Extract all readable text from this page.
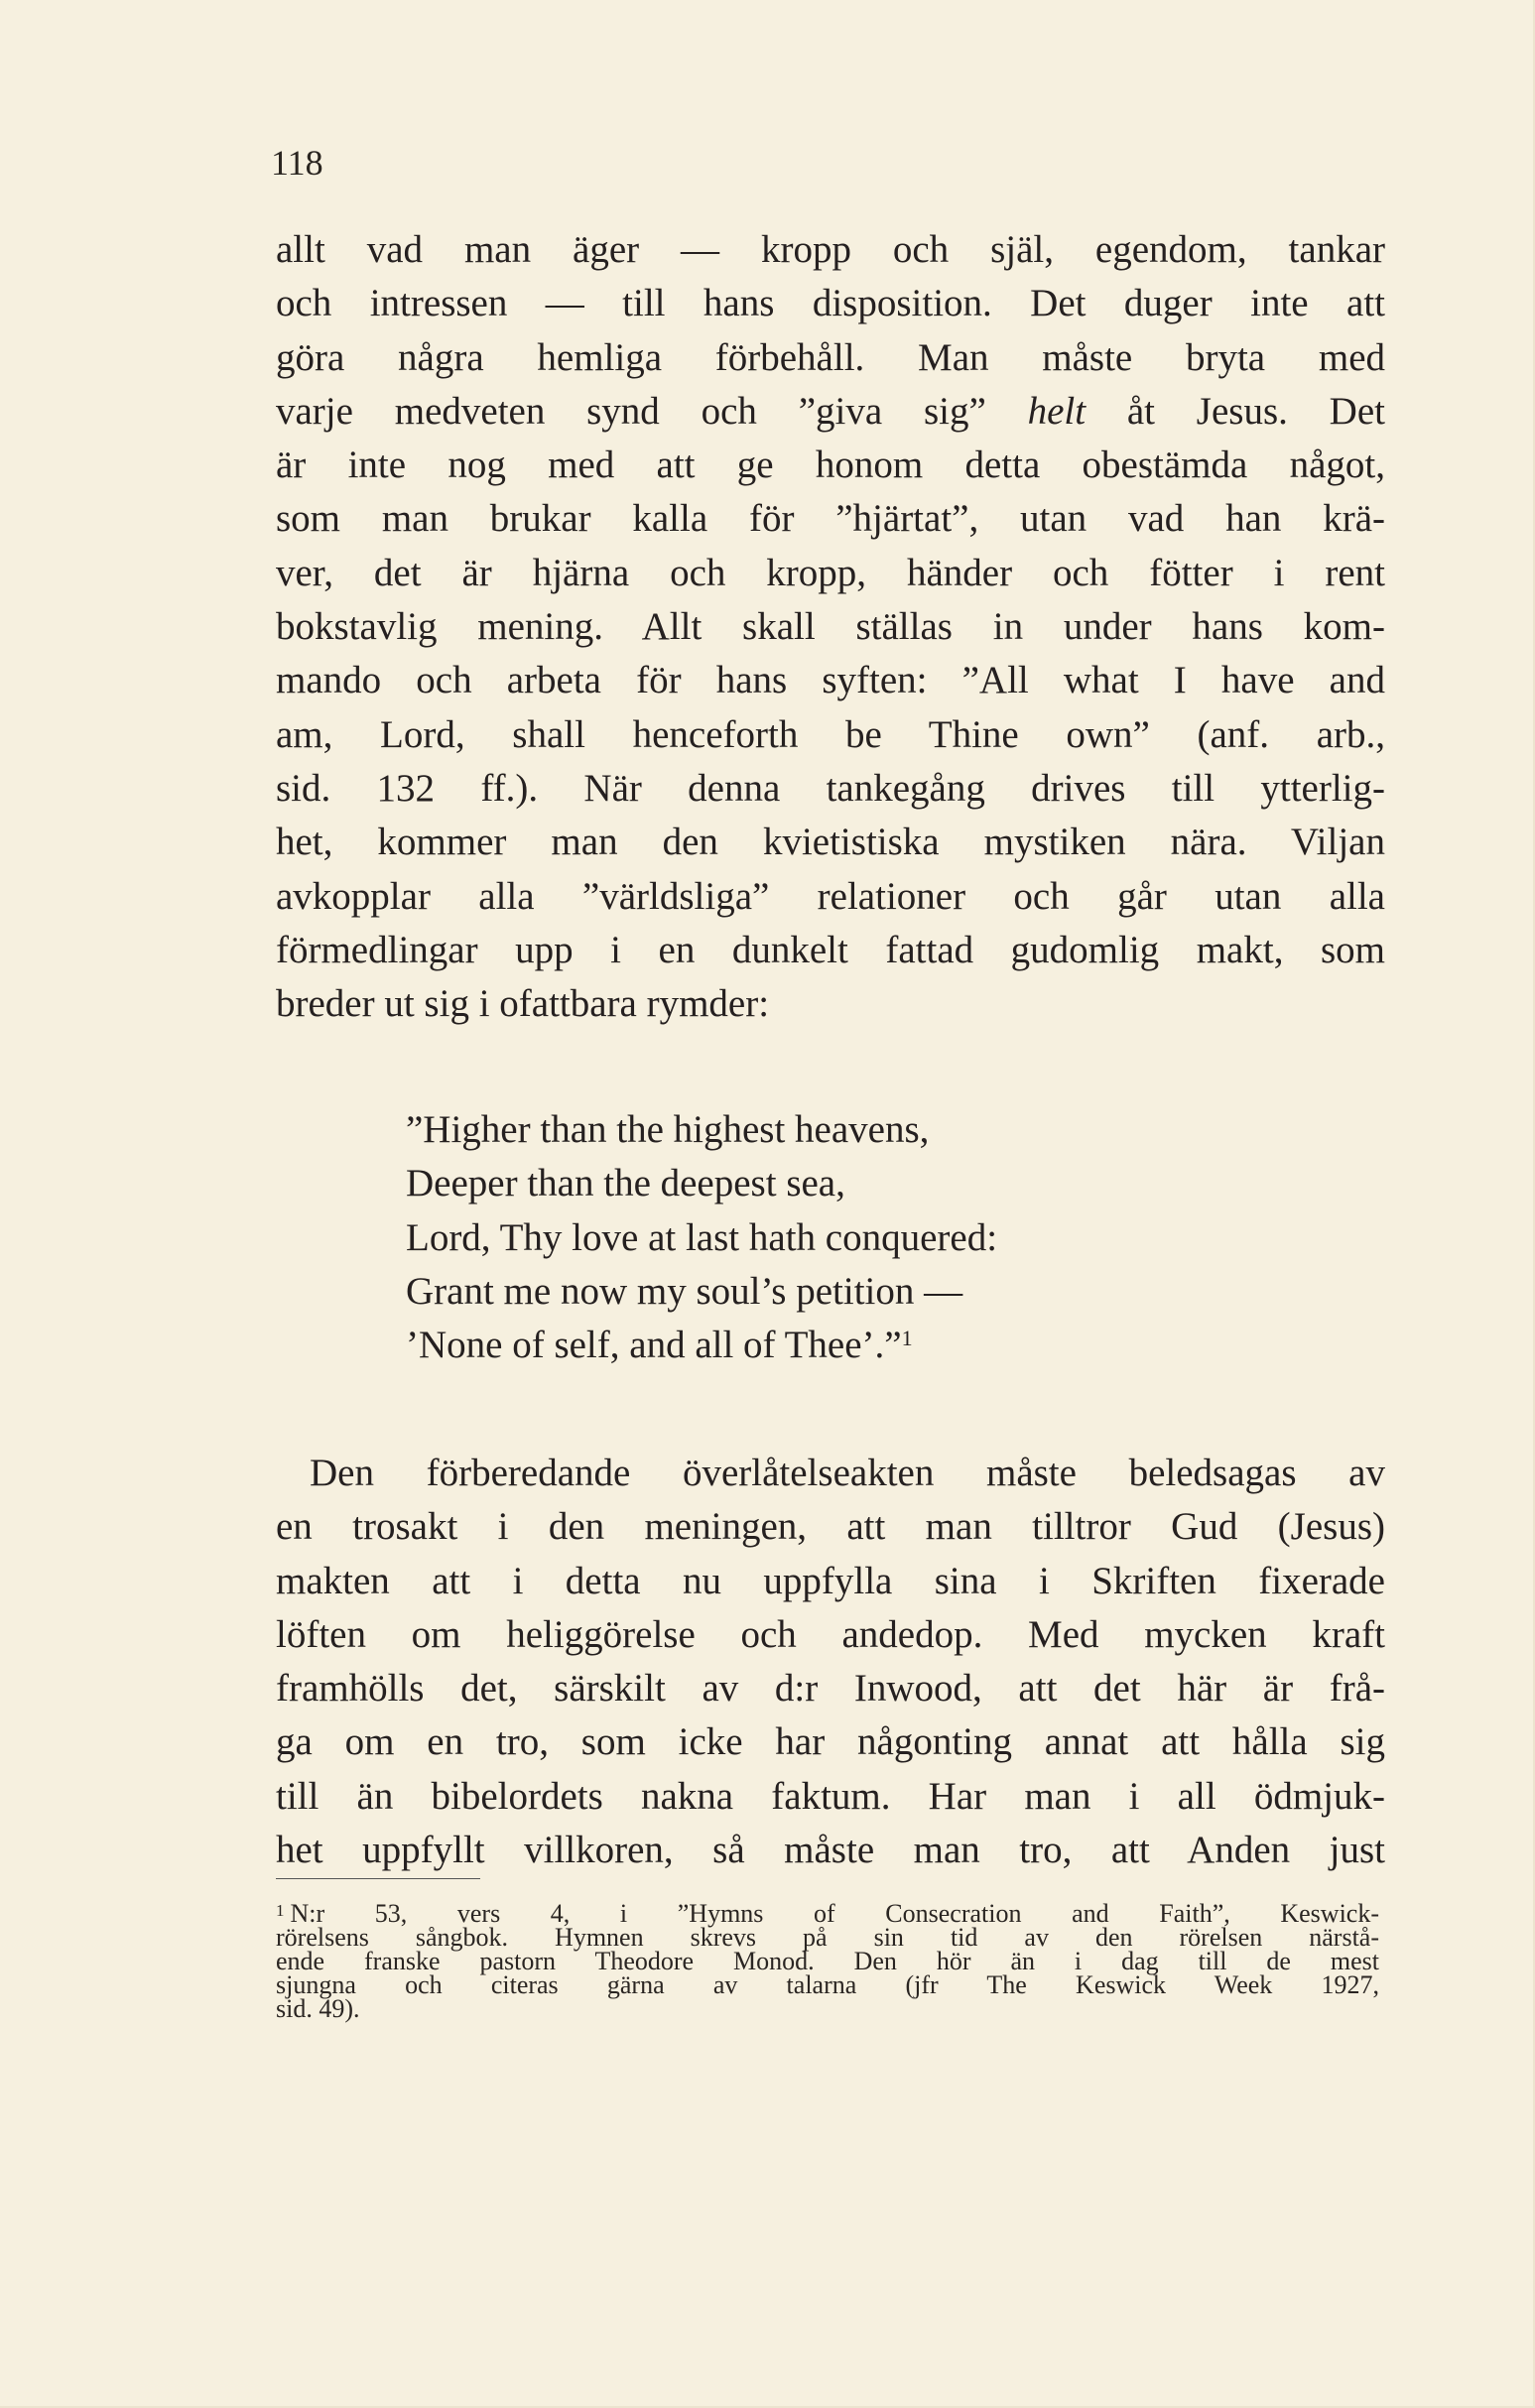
118

allt vad man äger — kropp och själ, egendom, tankar
och intressen — till hans disposition. Det duger inte att
göra några hemliga förbehåll. Man måste bryta med
varje medveten synd och ”giva sig” helt åt Jesus. Det
är inte nog med att ge honom detta obestämda något,
som man brukar kalla för ”hjärtat”, utan vad han krä-
ver, det är hjärna och kropp, händer och fötter i rent
bokstavlig mening. Allt skall ställas in under hans kom-
mando och arbeta för hans syften: ”All what I have and
am, Lord, shall henceforth be Thine own” (anf. arb.,
sid. 132 ff.). När denna tankegång drives till ytterlig-
het, kommer man den kvietistiska mystiken nära. Viljan
avkopplar alla ”världsliga” relationer och går utan alla
förmedlingar upp i en dunkelt fattad gudomlig makt, som
breder ut sig i ofattbara rymder:

”Higher than the highest heavens,
Deeper than the deepest sea,
Lord, Thy love at last hath conquered:
Grant me now my soul’s petition —
’None of self, and all of Thee’.”$^1$

Den förberedande överlåtelseakten måste beledsagas av
en trosakt i den meningen, att man tilltror Gud (Jesus)
makten att i detta nu uppfylla sina i Skriften fixerade
löften om heliggörelse och andedop. Med mycken kraft
framhölls det, särskilt av d:r Inwood, att det här är frå-
ga om en tro, som icke har någonting annat att hålla sig
till än bibelordets nakna faktum. Har man i all ödmjuk-
het uppfyllt villkoren, så måste man tro, att Anden just

$^1$ N:r 53, vers 4, i ”Hymns of Consecration and Faith”, Keswick-
rörelsens sångbok. Hymnen skrevs på sin tid av den rörelsen närstå-
ende franske pastorn Theodore Monod. Den hör än i dag till de mest
sjungna och citeras gärna av talarna (jfr The Keswick Week 1927,
sid. 49).
